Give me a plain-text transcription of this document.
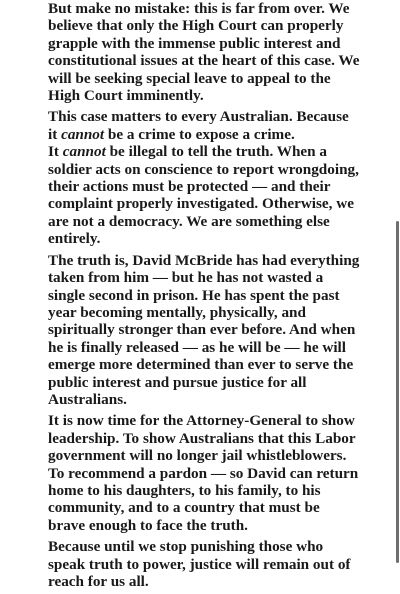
But make no mistake: this is far from over. We believe that only the High Court can properly grapple with the immense public interest and constitutional issues at the heart of this case. We will be seeking special leave to appeal to the High Court imminently.

This case matters to every Australian. Because it cannot be a crime to expose a crime.

It cannot be illegal to tell the truth. When a soldier acts on conscience to report wrongdoing, their actions must be protected — and their complaint properly investigated. Otherwise, we are not a democracy. We are something else entirely.

The truth is, David McBride has had everything taken from him — but he has not wasted a single second in prison. He has spent the past year becoming mentally, physically, and spiritually stronger than ever before. And when he is finally released — as he will be — he will emerge more determined than ever to serve the public interest and pursue justice for all Australians.

It is now time for the Attorney-General to show leadership. To show Australians that this Labor government will no longer jail whistleblowers. To recommend a pardon — so David can return home to his daughters, to his family, to his community, and to a country that must be brave enough to face the truth.

Because until we stop punishing those who speak truth to power, justice will remain out of reach for us all.
